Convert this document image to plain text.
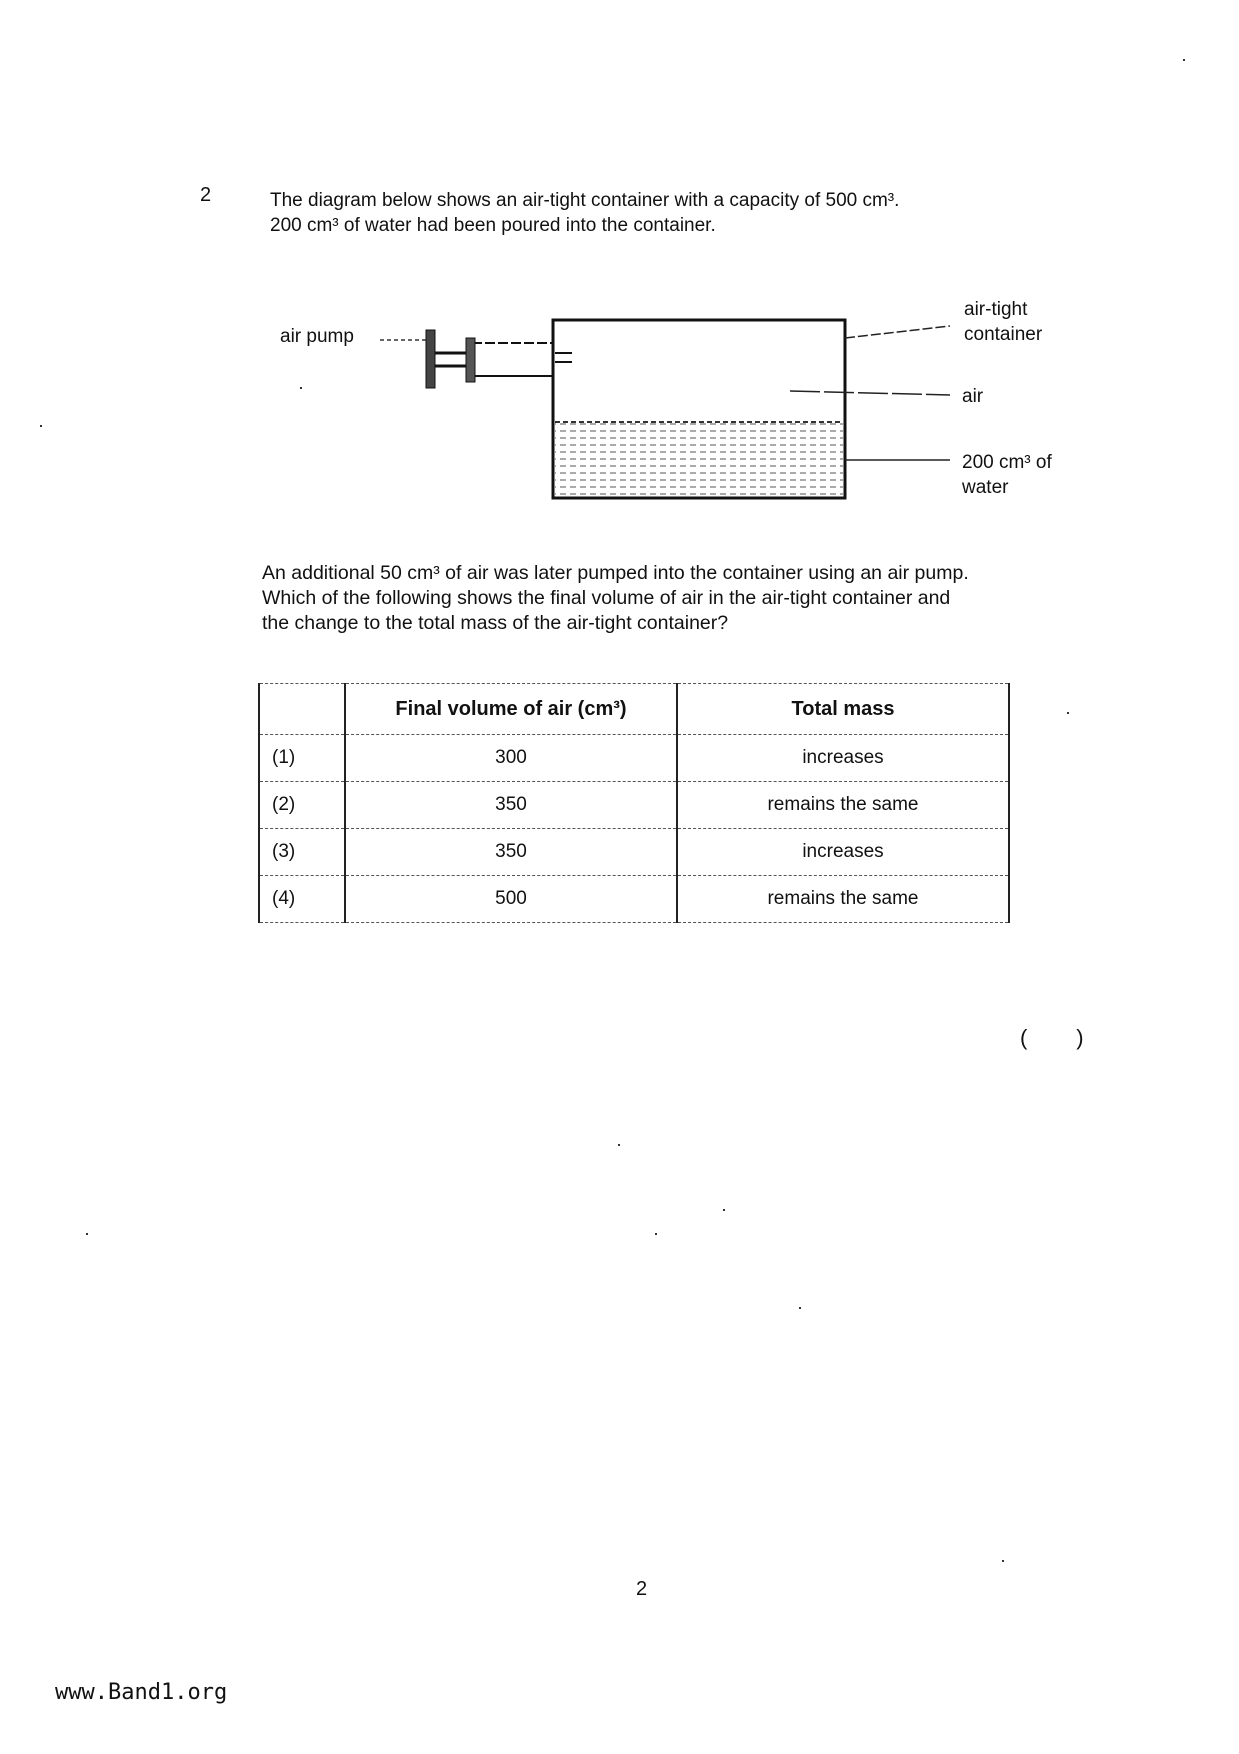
2	The diagram below shows an air-tight container with a capacity of 500 cm³.
200 cm³ of water had been poured into the container.
air pump
air-tight
container
air
200 cm³ of
water
An additional 50 cm³ of air was later pumped into the container using an air pump.
Which of the following shows the final volume of air in the air-tight container and
the change to the total mass of the air-tight container?
	Final volume of air (cm³)	Total mass
(1)	300	increases
(2)	350	remains the same
(3)	350	increases
(4)	500	remains the same
(        )
2
www.Band1.org
